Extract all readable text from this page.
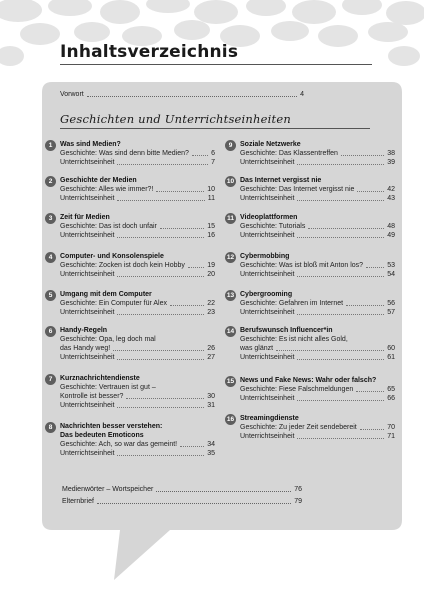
Inhaltsverzeichnis
Vorwort	4
Geschichten und Unterrichtseinheiten
1	Was sind Medien?
Geschichte: Was sind denn bitte Medien?	6
Unterrichtseinheit	7
2	Geschichte der Medien
Geschichte: Alles wie immer?!	10
Unterrichtseinheit	11
3	Zeit für Medien
Geschichte: Das ist doch unfair	15
Unterrichtseinheit	16
4	Computer- und Konsolenspiele
Geschichte: Zocken ist doch kein Hobby	19
Unterrichtseinheit	20
5	Umgang mit dem Computer
Geschichte: Ein Computer für Alex	22
Unterrichtseinheit	23
6	Handy-Regeln
Geschichte: Opa, leg doch mal
das Handy weg!	26
Unterrichtseinheit	27
7	Kurznachrichtendienste
Geschichte: Vertrauen ist gut –
Kontrolle ist besser?	30
Unterrichtseinheit	31
8	Nachrichten besser verstehen:
Das bedeuten Emoticons
Geschichte: Ach, so war das gemeint!	34
Unterrichtseinheit	35
9	Soziale Netzwerke
Geschichte: Das Klassentreffen	38
Unterrichtseinheit	39
10 Das Internet vergisst nie
Geschichte: Das Internet vergisst nie	42
Unterrichtseinheit	43
11 Videoplattformen
Geschichte: Tutorials	48
Unterrichtseinheit	49
12 Cybermobbing
Geschichte: Was ist bloß mit Anton los?	53
Unterrichtseinheit	54
13 Cybergrooming
Geschichte: Gefahren im Internet	56
Unterrichtseinheit	57
14 Berufswunsch Influencer*in
Geschichte: Es ist nicht alles Gold,
was glänzt	60
Unterrichtseinheit	61
15 News und Fake News: Wahr oder falsch?
Geschichte: Fiese Falschmeldungen	65
Unterrichtseinheit	66
16 Streamingdienste
Geschichte: Zu jeder Zeit sendebereit	70
Unterrichtseinheit	71
Medienwörter – Wortspeicher	76
Elternbrief	79
